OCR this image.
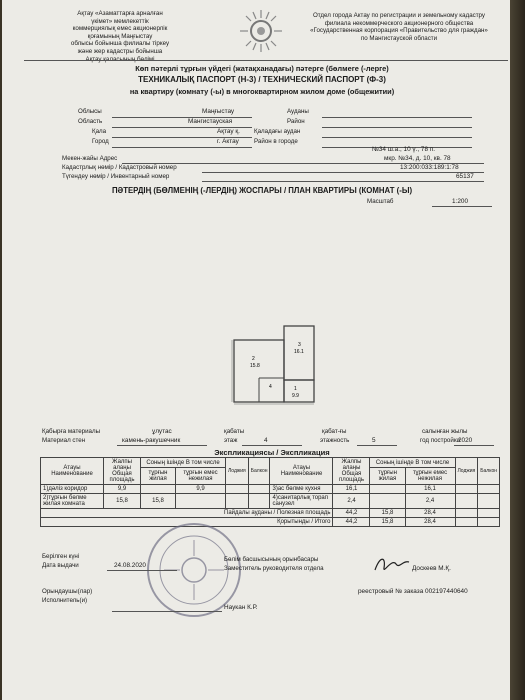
Ақтау «Азаматтарға арналған
үкімет» мемлекеттік
коммерциялық емес акционерлік
қоғамының Маңғыстау
облысы бойынша филиалы тіркеу
және жер кадастры бойынша
Ақтау қаласының бөлімі
Отдел города Актау по регистрации и земельному кадастру
филиала некоммерческого акционерного общества
«Государственная корпорация «Правительство для граждан»
по Мангистауской области
Көп пәтерлі тұрғын үйдегі (жатақханадағы) пәтерге (бөлмеге (-лерге)
ТЕХНИКАЛЫҚ ПАСПОРТ (Н-3) / ТЕХНИЧЕСКИЙ ПАСПОРТ (Ф-3)
на квартиру (комнату (-ы) в многоквартирном жилом доме (общежитии)
Облысы	Маңғыстау	Ауданы
Область	Мангистауская	Район
Қала	Ақтау қ. Қаладағы аудан
Город	г. Актау Район в городе
№34 ш.а., 10 ү., 78 п.
Мекен-жайы Адрес	мкр. №34, д. 10, кв. 78
Кадастрлық нөмір / Кадастровый номер	13:200:033:189:1:78
Түгендеу нөмір / Инвентарный номер	65137
ПӘТЕРДІҢ (БӨЛМЕНІҢ (-ЛЕРДІҢ) ЖОСПАРЫ / ПЛАН КВАРТИРЫ (КОМНАТ (-Ы)
Масштаб	1:200
2
15.8
3
16.1
4	1
9.9
Қабырға материалы
Материал стен
ұлутас
камень-ракушечник
қабаты
этаж	4
қабат-ғы
этажность	5
салынған жылы
год постройки
2020
Экспликациясы / Экспликация
Атауы Наименование	Жалпы алаңы Общая площадь	Соның ішінде В том числе		Лоджия	Балкон	Атауы Наименование	Жалпы алаңы Общая площадь	Соның ішінде В том числе		Лоджия	Балкон
		тұрғын жилая	тұрғын емес нежилая					тұрғын жилая	тұрғын емес нежилая		
1)дәліз коридор	9,9		9,9			3)ас бөлме кухня	16,1		16,1		
2)тұрғын бөлме жилая комната	15,8	15,8				4)санитарлық торап санузел	2,4		2,4		
Пайдалы ауданы / Полезная площадь							44,2	15,8	28,4		
Қорытынды / Итого							44,2	15,8	28,4		
Берілген күні
Дата выдачи	24.08.2020
Бөлім басшысының орынбасары
Заместитель руководителя отдела	Доскеев М.Қ.
Орындаушы(лар)
Исполнитель(и)
реестровый № заказа 002197440640
Наукан К.Р.
